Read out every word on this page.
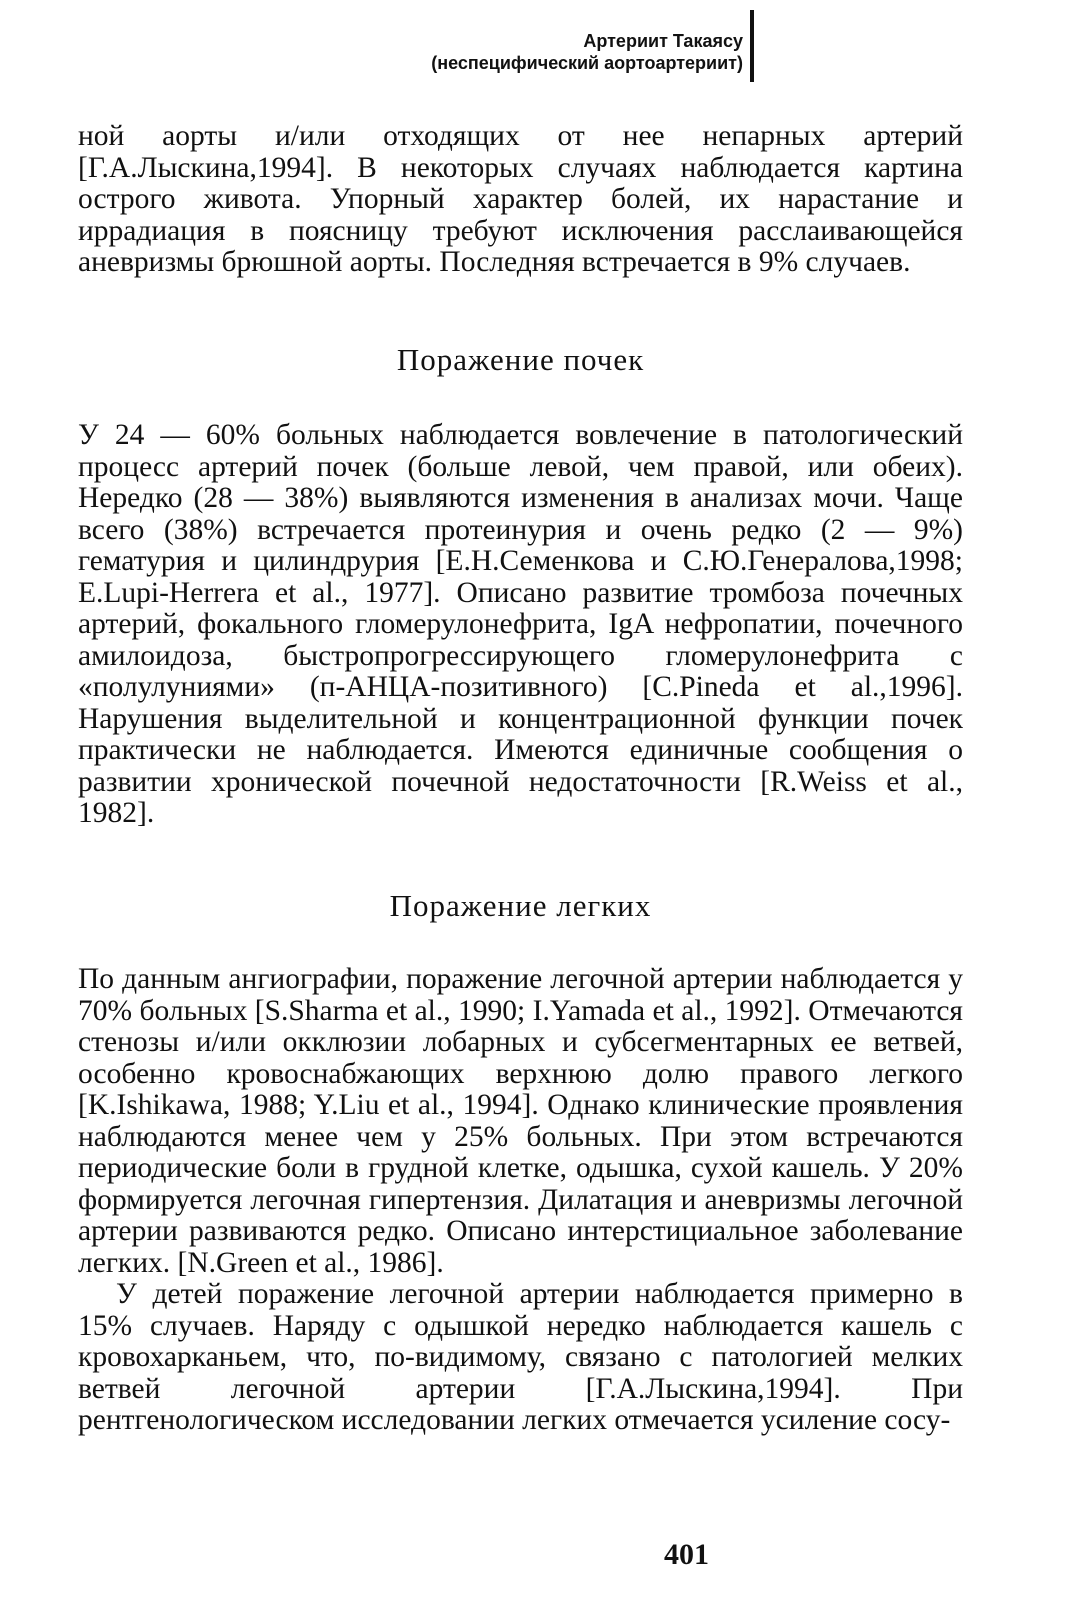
Артериит Такаясу
(неспецифический аортоартериит)

ной аорты и/или отходящих от нее непарных артерий [Г.А.Лыскина,1994]. В некоторых случаях наблюдается картина острого живота. Упорный характер болей, их нарастание и иррадиация в поясницу требуют исключения расслаивающейся аневризмы брюшной аорты. Последняя встречается в 9% случаев.

Поражение почек

У 24 — 60% больных наблюдается вовлечение в патологический процесс артерий почек (больше левой, чем правой, или обеих). Нередко (28 — 38%) выявляются изменения в анализах мочи. Чаще всего (38%) встречается протеинурия и очень редко (2 — 9%) гематурия и цилиндрурия [Е.Н.Семенкова и С.Ю.Генералова,1998; E.Lupi-Herrera et al., 1977]. Описано развитие тромбоза почечных артерий, фокального гломерулонефрита, IgA нефропатии, почечного амилоидоза, быстропрогрессирующего гломерулонефрита с «полулуниями» (п-АНЦА-позитивного) [C.Pineda et al.,1996]. Нарушения выделительной и концентрационной функции почек практически не наблюдается. Имеются единичные сообщения о развитии хронической почечной недостаточности [R.Weiss et al., 1982].

Поражение легких

По данным ангиографии, поражение легочной артерии наблюдается у 70% больных [S.Sharma et al., 1990; I.Yamada et al., 1992]. Отмечаются стенозы и/или окклюзии лобарных и субсегментарных ее ветвей, особенно кровоснабжающих верхнюю долю правого легкого [K.Ishikawa, 1988; Y.Liu et al., 1994]. Однако клинические проявления наблюдаются менее чем у 25% больных. При этом встречаются периодические боли в грудной клетке, одышка, сухой кашель. У 20% формируется легочная гипертензия. Дилатация и аневризмы легочной артерии развиваются редко. Описано интерстициальное заболевание легких. [N.Green et al., 1986].

У детей поражение легочной артерии наблюдается примерно в 15% случаев. Наряду с одышкой нередко наблюдается кашель с кровохарканьем, что, по-видимому, связано с патологией мелких ветвей легочной артерии [Г.А.Лыскина,1994]. При рентгенологическом исследовании легких отмечается усиление сосу-

401
